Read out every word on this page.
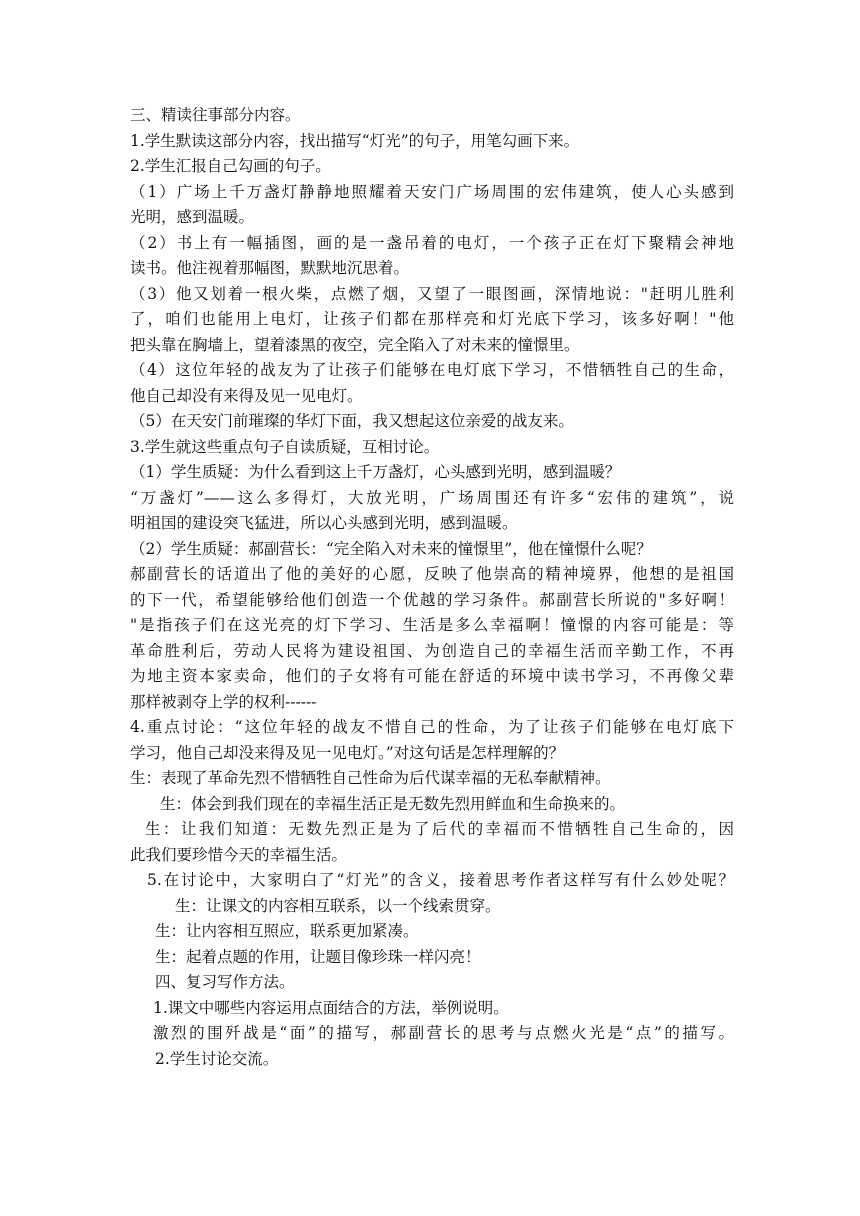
三、精读往事部分内容。
1.学生默读这部分内容，找出描写“灯光”的句子，用笔勾画下来。
2.学生汇报自己勾画的句子。
（1）广场上千万盏灯静静地照耀着天安门广场周围的宏伟建筑，使人心头感到
光明，感到温暖。
（2）书上有一幅插图，画的是一盏吊着的电灯，一个孩子正在灯下聚精会神地
读书。他注视着那幅图，默默地沉思着。
（3）他又划着一根火柴，点燃了烟，又望了一眼图画，深情地说："赶明儿胜利
了，咱们也能用上电灯，让孩子们都在那样亮和灯光底下学习，该多好啊！"他
把头靠在胸墙上，望着漆黑的夜空，完全陷入了对未来的憧憬里。
（4）这位年轻的战友为了让孩子们能够在电灯底下学习，不惜牺牲自己的生命，
他自己却没有来得及见一见电灯。
（5）在天安门前璀璨的华灯下面，我又想起这位亲爱的战友来。
3.学生就这些重点句子自读质疑，互相讨论。
（1）学生质疑：为什么看到这上千万盏灯，心头感到光明，感到温暖？
“万盏灯”——这么多得灯，大放光明，广场周围还有许多“宏伟的建筑”，说
明祖国的建设突飞猛进，所以心头感到光明，感到温暖。
（2）学生质疑：郝副营长：“完全陷入对未来的憧憬里”，他在憧憬什么呢？
郝副营长的话道出了他的美好的心愿，反映了他崇高的精神境界，他想的是祖国
的下一代，希望能够给他们创造一个优越的学习条件。郝副营长所说的"多好啊！
"是指孩子们在这光亮的灯下学习、生活是多么幸福啊！憧憬的内容可能是：等
革命胜利后，劳动人民将为建设祖国、为创造自己的幸福生活而辛勤工作，不再
为地主资本家卖命，他们的子女将有可能在舒适的环境中读书学习，不再像父辈
那样被剥夺上学的权利------
4.重点讨论：“这位年轻的战友不惜自己的性命，为了让孩子们能够在电灯底下
学习，他自己却没来得及见一见电灯。”对这句话是怎样理解的？
生：表现了革命先烈不惜牺牲自己性命为后代谋幸福的无私奉献精神。
生：体会到我们现在的幸福生活正是无数先烈用鲜血和生命换来的。
生：让我们知道：无数先烈正是为了后代的幸福而不惜牺牲自己生命的，因
此我们要珍惜今天的幸福生活。
5.在讨论中，大家明白了“灯光”的含义，接着思考作者这样写有什么妙处呢？
生：让课文的内容相互联系，以一个线索贯穿。
生：让内容相互照应，联系更加紧凑。
生：起着点题的作用，让题目像珍珠一样闪亮！
四、复习写作方法。
1.课文中哪些内容运用点面结合的方法，举例说明。
激烈的围歼战是“面”的描写，郝副营长的思考与点燃火光是“点”的描写。
2.学生讨论交流。
